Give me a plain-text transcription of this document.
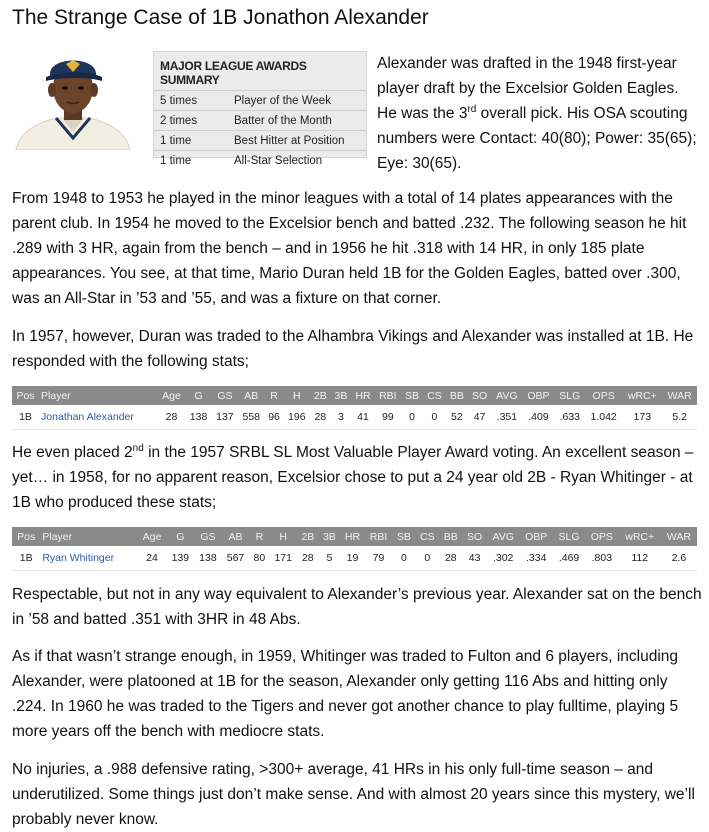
The Strange Case of 1B Jonathon Alexander
MAJOR LEAGUE AWARDS SUMMARY
5 times	Player of the Week
2 times	Batter of the Month
1 time	Best Hitter at Position
1 time	All-Star Selection
Alexander was drafted in the 1948 first-year player draft by the Excelsior Golden Eagles. He was the 3rd overall pick. His OSA scouting numbers were Contact: 40(80); Power: 35(65); Eye: 30(65).
From 1948 to 1953 he played in the minor leagues with a total of 14 plates appearances with the parent club. In 1954 he moved to the Excelsior bench and batted .232. The following season he hit .289 with 3 HR, again from the bench – and in 1956 he hit .318 with 14 HR, in only 185 plate appearances. You see, at that time, Mario Duran held 1B for the Golden Eagles, batted over .300, was an All-Star in ’53 and ’55, and was a fixture on that corner.
In 1957, however, Duran was traded to the Alhambra Vikings and Alexander was installed at 1B. He responded with the following stats;
Pos	Player	Age	G	GS	AB	R	H	2B	3B	HR	RBI	SB	CS	BB	SO	AVG	OBP	SLG	OPS	wRC+	WAR
1B	Jonathan Alexander	28	138	137	558	96	196	28	3	41	99	0	0	52	47	.351	.409	.633	1.042	173	5.2
He even placed 2nd in the 1957 SRBL SL Most Valuable Player Award voting. An excellent season – yet… in 1958, for no apparent reason, Excelsior chose to put a 24 year old 2B - Ryan Whitinger - at 1B who produced these stats;
Pos	Player	Age	G	GS	AB	R	H	2B	3B	HR	RBI	SB	CS	BB	SO	AVG	OBP	SLG	OPS	wRC+	WAR
1B	Ryan Whitinger	24	139	138	567	80	171	28	5	19	79	0	0	28	43	.302	.334	.469	.803	112	2.6
Respectable, but not in any way equivalent to Alexander’s previous year. Alexander sat on the bench in ’58 and batted .351 with 3HR in 48 Abs.
As if that wasn’t strange enough, in 1959, Whitinger was traded to Fulton and 6 players, including Alexander, were platooned at 1B for the season, Alexander only getting 116 Abs and hitting only .224. In 1960 he was traded to the Tigers and never got another chance to play fulltime, playing 5 more years off the bench with mediocre stats.
No injuries, a .988 defensive rating, >300+ average, 41 HRs in his only full-time season – and underutilized. Some things just don’t make sense. And with almost 20 years since this mystery, we’ll probably never know.
